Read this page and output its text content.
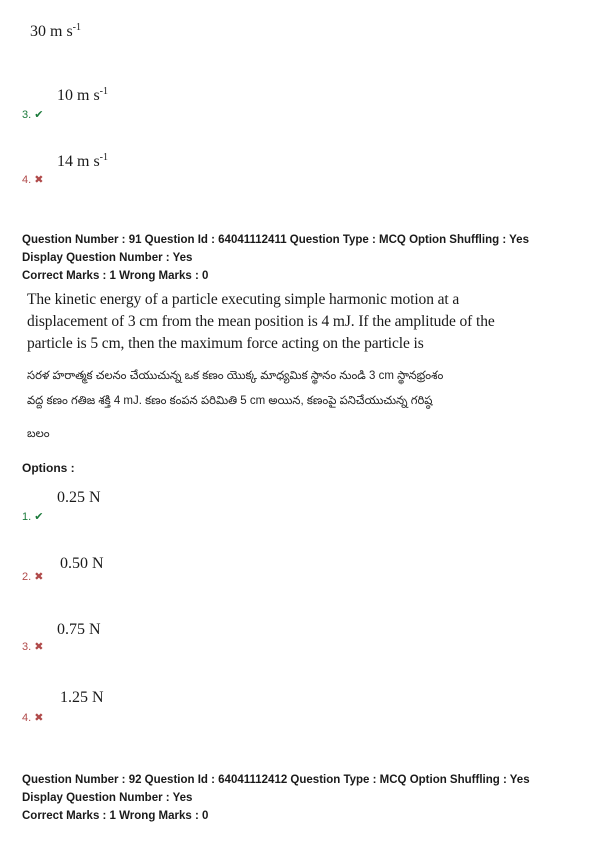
30 m $s^{-1}$
10 m $s^{-1}$
3. ✔
14 m $s^{-1}$
4. ✖
Question Number : 91 Question Id : 64041112411 Question Type : MCQ Option Shuffling : Yes
Display Question Number : Yes
Correct Marks : 1 Wrong Marks : 0
The kinetic energy of a particle executing simple harmonic motion at a
displacement of 3 cm from the mean position is 4 mJ. If the amplitude of the
particle is 5 cm, then the maximum force acting on the particle is
సరళ హరాత్మక చలనం చేయుచున్న ఒక కణం యొక్క మాధ్యమిక స్థానం నుండి 3 cm స్థానభ్రంశం
వద్ద కణం గతిజ శక్తి 4 mJ. కణం కంపన పరిమితి 5 cm అయిన, కణంపై పనిచేయుచున్న గరిష్ఠ
బలం
Options :
0.25 N
1. ✔
0.50 N
2. ✖
0.75 N
3. ✖
1.25 N
4. ✖
Question Number : 92 Question Id : 64041112412 Question Type : MCQ Option Shuffling : Yes
Display Question Number : Yes
Correct Marks : 1 Wrong Marks : 0
